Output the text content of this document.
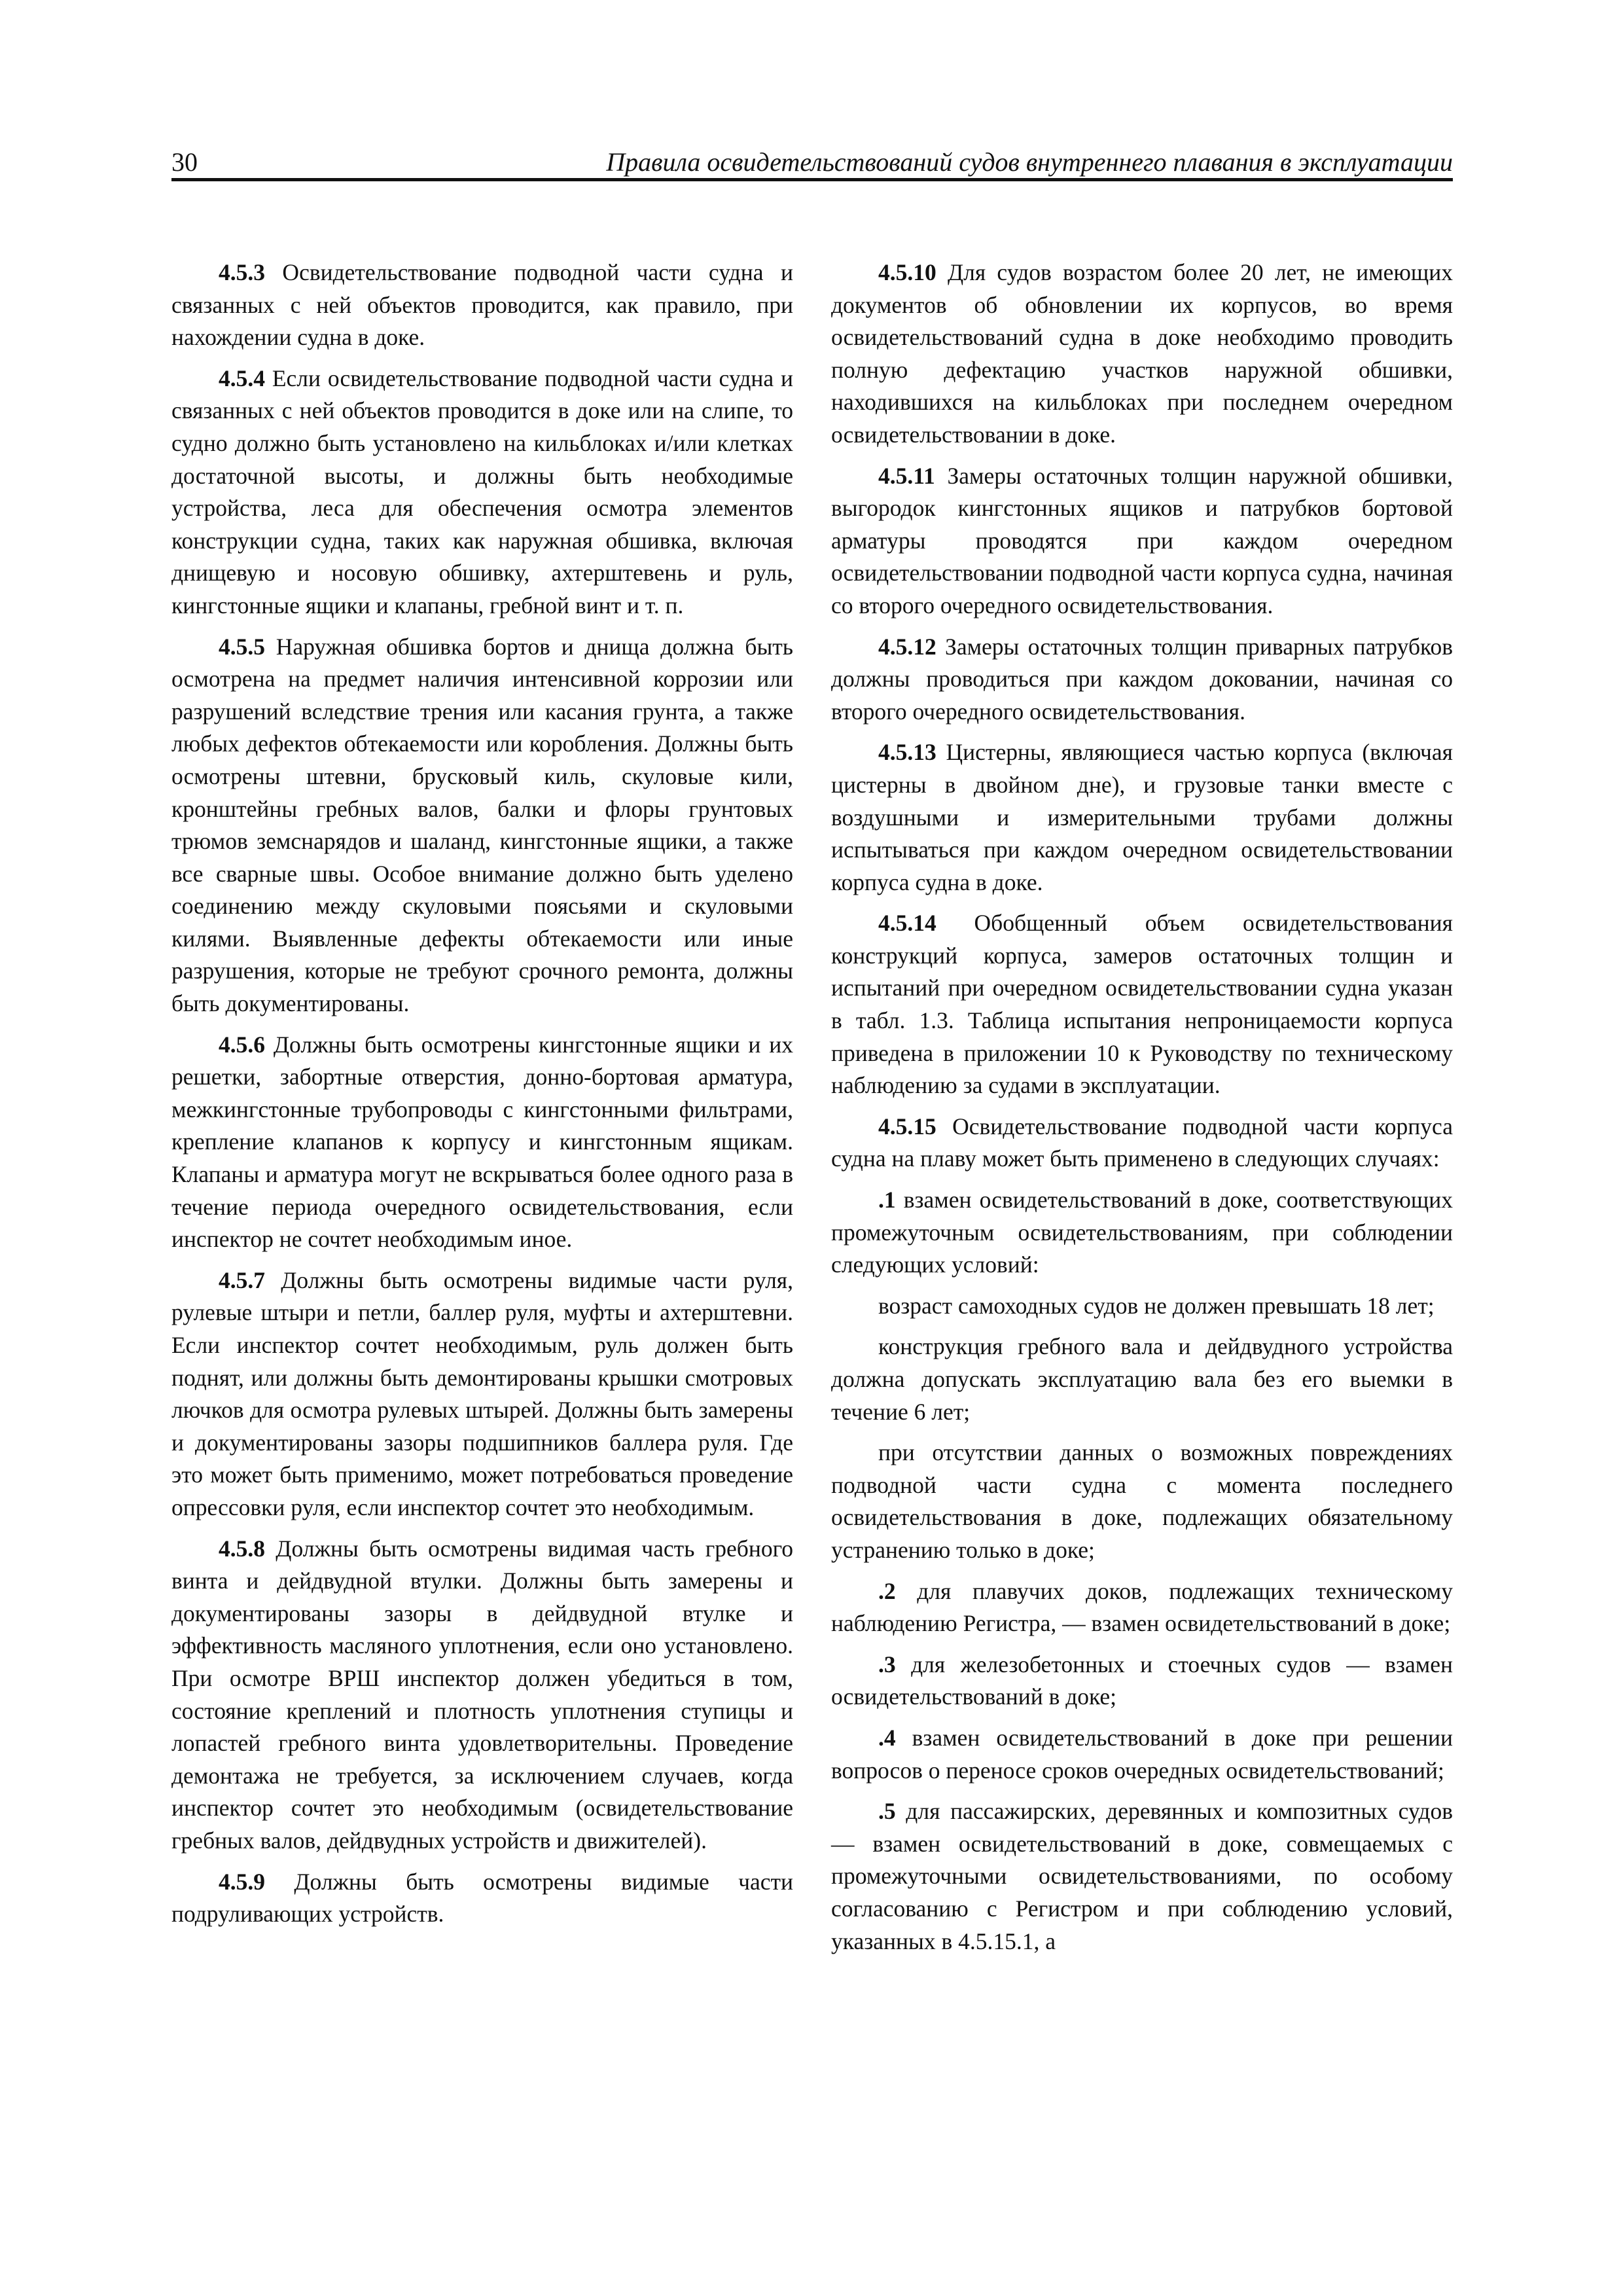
30	Правила освидетельствований судов внутреннего плавания в эксплуатации

4.5.3 Освидетельствование подводной части судна и связанных с ней объектов проводится, как правило, при нахождении судна в доке.

4.5.4 Если освидетельствование подводной части судна и связанных с ней объектов проводится в доке или на слипе, то судно должно быть установлено на кильблоках и/или клетках достаточной высоты, и должны быть необходимые устройства, леса для обеспечения осмотра элементов конструкции судна, таких как наружная обшивка, включая днищевую и носовую обшивку, ахтерштевень и руль, кингстонные ящики и клапаны, гребной винт и т. п.

4.5.5 Наружная обшивка бортов и днища должна быть осмотрена на предмет наличия интенсивной коррозии или разрушений вследствие трения или касания грунта, а также любых дефектов обтекаемости или коробления. Должны быть осмотрены штевни, брусковый киль, скуловые кили, кронштейны гребных валов, балки и флоры грунтовых трюмов земснарядов и шаланд, кингстонные ящики, а также все сварные швы. Особое внимание должно быть уделено соединению между скуловыми поясьями и скуловыми килями. Выявленные дефекты обтекаемости или иные разрушения, которые не требуют срочного ремонта, должны быть документированы.

4.5.6 Должны быть осмотрены кингстонные ящики и их решетки, забортные отверстия, донно-бортовая арматура, межкингстонные трубопроводы с кингстонными фильтрами, крепление клапанов к корпусу и кингстонным ящикам. Клапаны и арматура могут не вскрываться более одного раза в течение периода очередного освидетельствования, если инспектор не сочтет необходимым иное.

4.5.7 Должны быть осмотрены видимые части руля, рулевые штыри и петли, баллер руля, муфты и ахтерштевни. Если инспектор сочтет необходимым, руль должен быть поднят, или должны быть демонтированы крышки смотровых лючков для осмотра рулевых штырей. Должны быть замерены и документированы зазоры подшипников баллера руля. Где это может быть применимо, может потребоваться проведение опрессовки руля, если инспектор сочтет это необходимым.

4.5.8 Должны быть осмотрены видимая часть гребного винта и дейдвудной втулки. Должны быть замерены и документированы зазоры в дейдвудной втулке и эффективность масляного уплотнения, если оно установлено. При осмотре ВРШ инспектор должен убедиться в том, состояние креплений и плотность уплотнения ступицы и лопастей гребного винта удовлетворительны. Проведение демонтажа не требуется, за исключением случаев, когда инспектор сочтет это необходимым (освидетельствование гребных валов, дейдвудных устройств и движителей).

4.5.9 Должны быть осмотрены видимые части подруливающих устройств.

4.5.10 Для судов возрастом более 20 лет, не имеющих документов об обновлении их корпусов, во время освидетельствований судна в доке необходимо проводить полную дефектацию участков наружной обшивки, находившихся на кильблоках при последнем очередном освидетельствовании в доке.

4.5.11 Замеры остаточных толщин наружной обшивки, выгородок кингстонных ящиков и патрубков бортовой арматуры проводятся при каждом очередном освидетельствовании подводной части корпуса судна, начиная со второго очередного освидетельствования.

4.5.12 Замеры остаточных толщин приварных патрубков должны проводиться при каждом доковании, начиная со второго очередного освидетельствования.

4.5.13 Цистерны, являющиеся частью корпуса (включая цистерны в двойном дне), и грузовые танки вместе с воздушными и измерительными трубами должны испытываться при каждом очередном освидетельствовании корпуса судна в доке.

4.5.14 Обобщенный объем освидетельствования конструкций корпуса, замеров остаточных толщин и испытаний при очередном освидетельствовании судна указан в табл. 1.3. Таблица испытания непроницаемости корпуса приведена в приложении 10 к Руководству по техническому наблюдению за судами в эксплуатации.

4.5.15 Освидетельствование подводной части корпуса судна на плаву может быть применено в следующих случаях:

.1 взамен освидетельствований в доке, соответствующих промежуточным освидетельствованиям, при соблюдении следующих условий:

возраст самоходных судов не должен превышать 18 лет;

конструкция гребного вала и дейдвудного устройства должна допускать эксплуатацию вала без его выемки в течение 6 лет;

при отсутствии данных о возможных повреждениях подводной части судна с момента последнего освидетельствования в доке, подлежащих обязательному устранению только в доке;

.2 для плавучих доков, подлежащих техническому наблюдению Регистра, — взамен освидетельствований в доке;

.3 для железобетонных и стоечных судов — взамен освидетельствований в доке;

.4 взамен освидетельствований в доке при решении вопросов о переносе сроков очередных освидетельствований;

.5 для пассажирских, деревянных и композитных судов — взамен освидетельствований в доке, совмещаемых с промежуточными освидетельствованиями, по особому согласованию с Регистром и при соблюдению условий, указанных в 4.5.15.1, а
